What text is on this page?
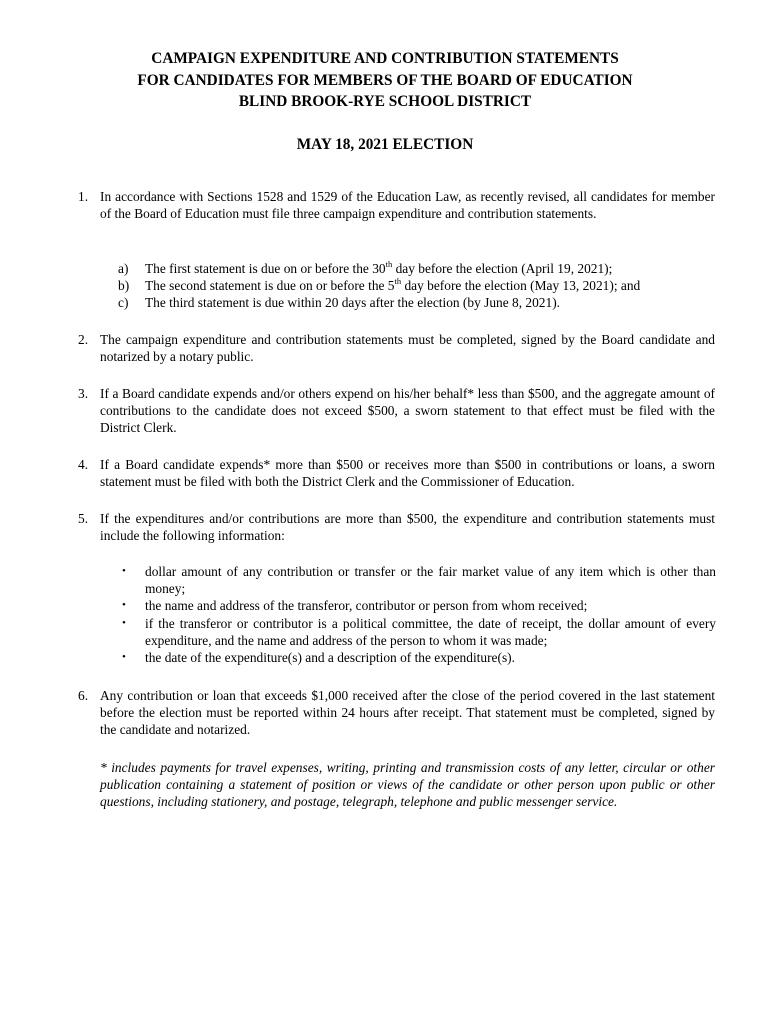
CAMPAIGN EXPENDITURE AND CONTRIBUTION STATEMENTS
FOR CANDIDATES FOR MEMBERS OF THE BOARD OF EDUCATION
BLIND BROOK-RYE SCHOOL DISTRICT
MAY 18, 2021 ELECTION
1. In accordance with Sections 1528 and 1529 of the Education Law, as recently revised, all candidates for member of the Board of Education must file three campaign expenditure and contribution statements.
a) The first statement is due on or before the 30th day before the election (April 19, 2021);
b) The second statement is due on or before the 5th day before the election (May 13, 2021); and
c) The third statement is due within 20 days after the election (by June 8, 2021).
2. The campaign expenditure and contribution statements must be completed, signed by the Board candidate and notarized by a notary public.
3. If a Board candidate expends and/or others expend on his/her behalf* less than $500, and the aggregate amount of contributions to the candidate does not exceed $500, a sworn statement to that effect must be filed with the District Clerk.
4. If a Board candidate expends* more than $500 or receives more than $500 in contributions or loans, a sworn statement must be filed with both the District Clerk and the Commissioner of Education.
5. If the expenditures and/or contributions are more than $500, the expenditure and contribution statements must include the following information:
• dollar amount of any contribution or transfer or the fair market value of any item which is other than money;
• the name and address of the transferor, contributor or person from whom received;
• if the transferor or contributor is a political committee, the date of receipt, the dollar amount of every expenditure, and the name and address of the person to whom it was made;
• the date of the expenditure(s) and a description of the expenditure(s).
6. Any contribution or loan that exceeds $1,000 received after the close of the period covered in the last statement before the election must be reported within 24 hours after receipt. That statement must be completed, signed by the candidate and notarized.
* includes payments for travel expenses, writing, printing and transmission costs of any letter, circular or other publication containing a statement of position or views of the candidate or other person upon public or other questions, including stationery, and postage, telegraph, telephone and public messenger service.
